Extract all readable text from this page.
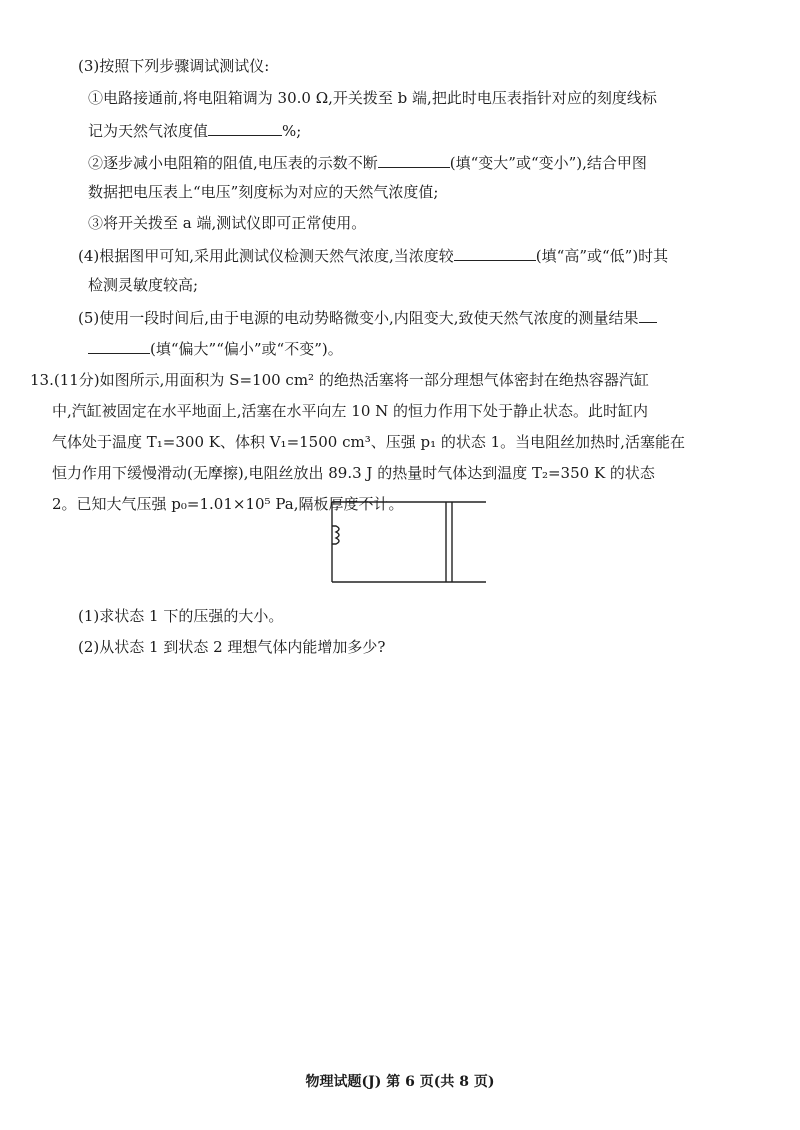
(3)按照下列步骤调试测试仪:
①电路接通前,将电阻箱调为 30.0 Ω,开关拨至 b 端,把此时电压表指针对应的刻度线标
记为天然气浓度值	%;
②逐步减小电阻箱的阻值,电压表的示数不断	(填“变大”或“变小”),结合甲图
数据把电压表上“电压”刻度标为对应的天然气浓度值;
③将开关拨至 a 端,测试仪即可正常使用。
(4)根据图甲可知,采用此测试仪检测天然气浓度,当浓度较	(填“高”或“低”)时其
检测灵敏度较高;
(5)使用一段时间后,由于电源的电动势略微变小,内阻变大,致使天然气浓度的测量结果
(填“偏大”“偏小”或“不变”)。
13.(11分)如图所示,用面积为 S=100 cm² 的绝热活塞将一部分理想气体密封在绝热容器汽缸
中,汽缸被固定在水平地面上,活塞在水平向左 10 N 的恒力作用下处于静止状态。此时缸内
气体处于温度 T₁=300 K、体积 V₁=1500 cm³、压强 p₁ 的状态 1。当电阻丝加热时,活塞能在
恒力作用下缓慢滑动(无摩擦),电阻丝放出 89.3 J 的热量时气体达到温度 T₂=350 K 的状态
2。已知大气压强 p₀=1.01×10⁵ Pa,隔板厚度不计。
(1)求状态 1 下的压强的大小。
(2)从状态 1 到状态 2 理想气体内能增加多少?
物理试题(J) 第 6 页(共 8 页)
